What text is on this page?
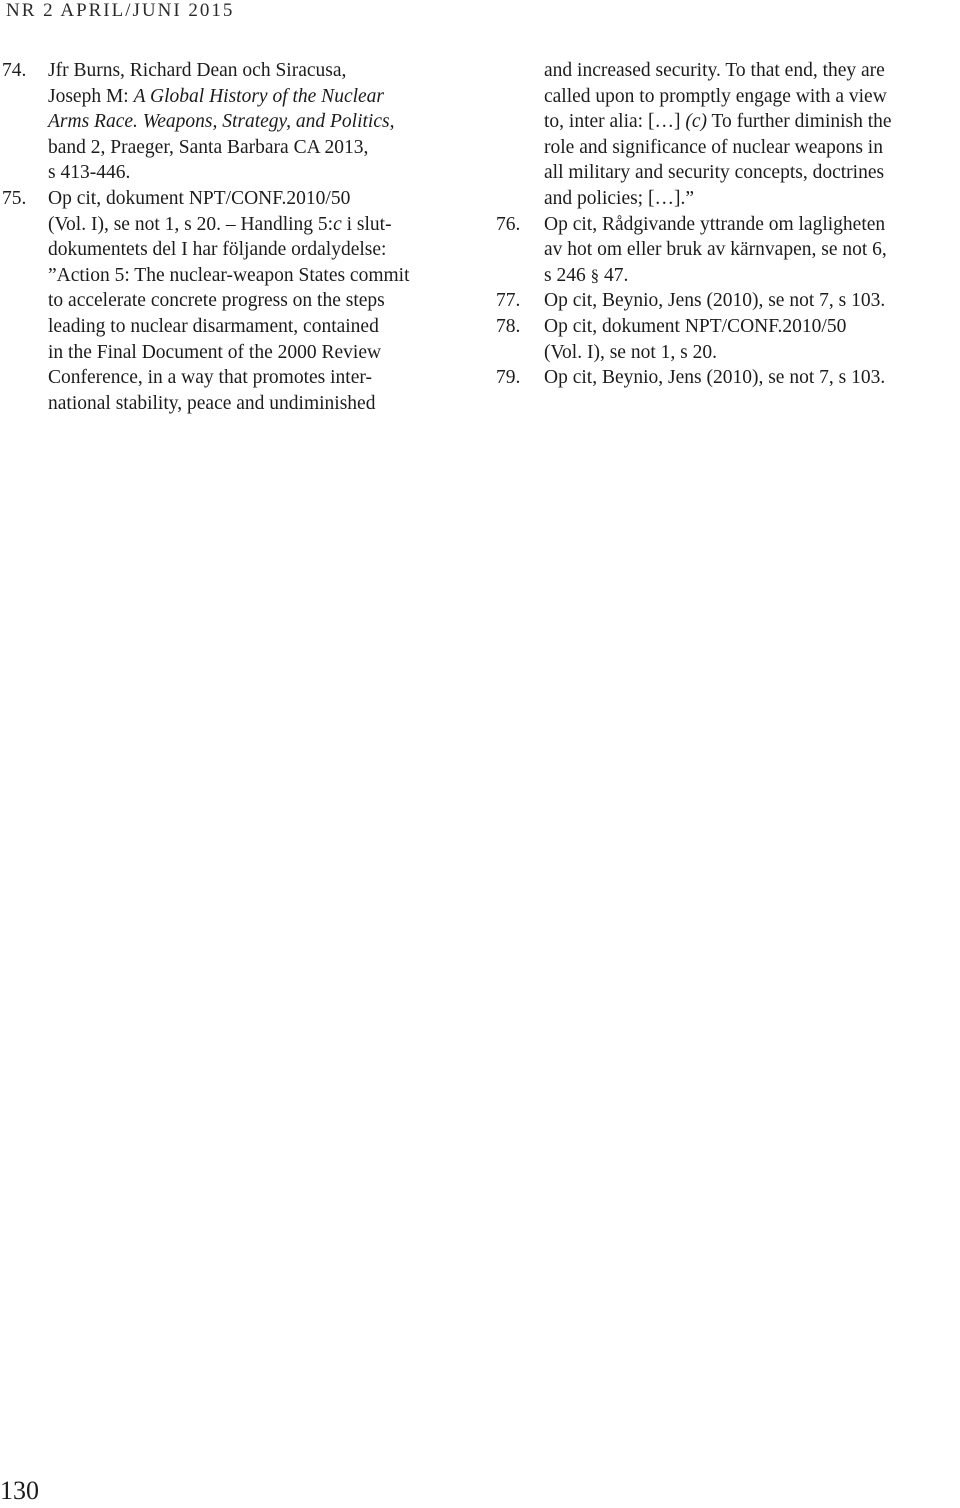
NR 2 APRIL/JUNI 2015
74.	Jfr Burns, Richard Dean och Siracusa,
Joseph M: A Global History of the Nuclear
Arms Race. Weapons, Strategy, and Politics,
band 2, Praeger, Santa Barbara CA 2013,
s 413-446.
75.	Op cit, dokument NPT/CONF.2010/50
(Vol. I), se not 1, s 20. – Handling 5:c i slut-
dokumentets del I har följande ordalydelse:
”Action 5: The nuclear-weapon States commit
to accelerate concrete progress on the steps
leading to nuclear disarmament, contained
in the Final Document of the 2000 Review
Conference, in a way that promotes inter-
national stability, peace and undiminished
and increased security. To that end, they are
called upon to promptly engage with a view
to, inter alia: […] (c) To further diminish the
role and significance of nuclear weapons in
all military and security concepts, doctrines
and policies; […].”
76.	Op cit, Rådgivande yttrande om lagligheten
av hot om eller bruk av kärnvapen, se not 6,
s 246 § 47.
77.	Op cit, Beynio, Jens (2010), se not 7, s 103.
78.	Op cit, dokument NPT/CONF.2010/50
(Vol. I), se not 1, s 20.
79.	Op cit, Beynio, Jens (2010), se not 7, s 103.
130
